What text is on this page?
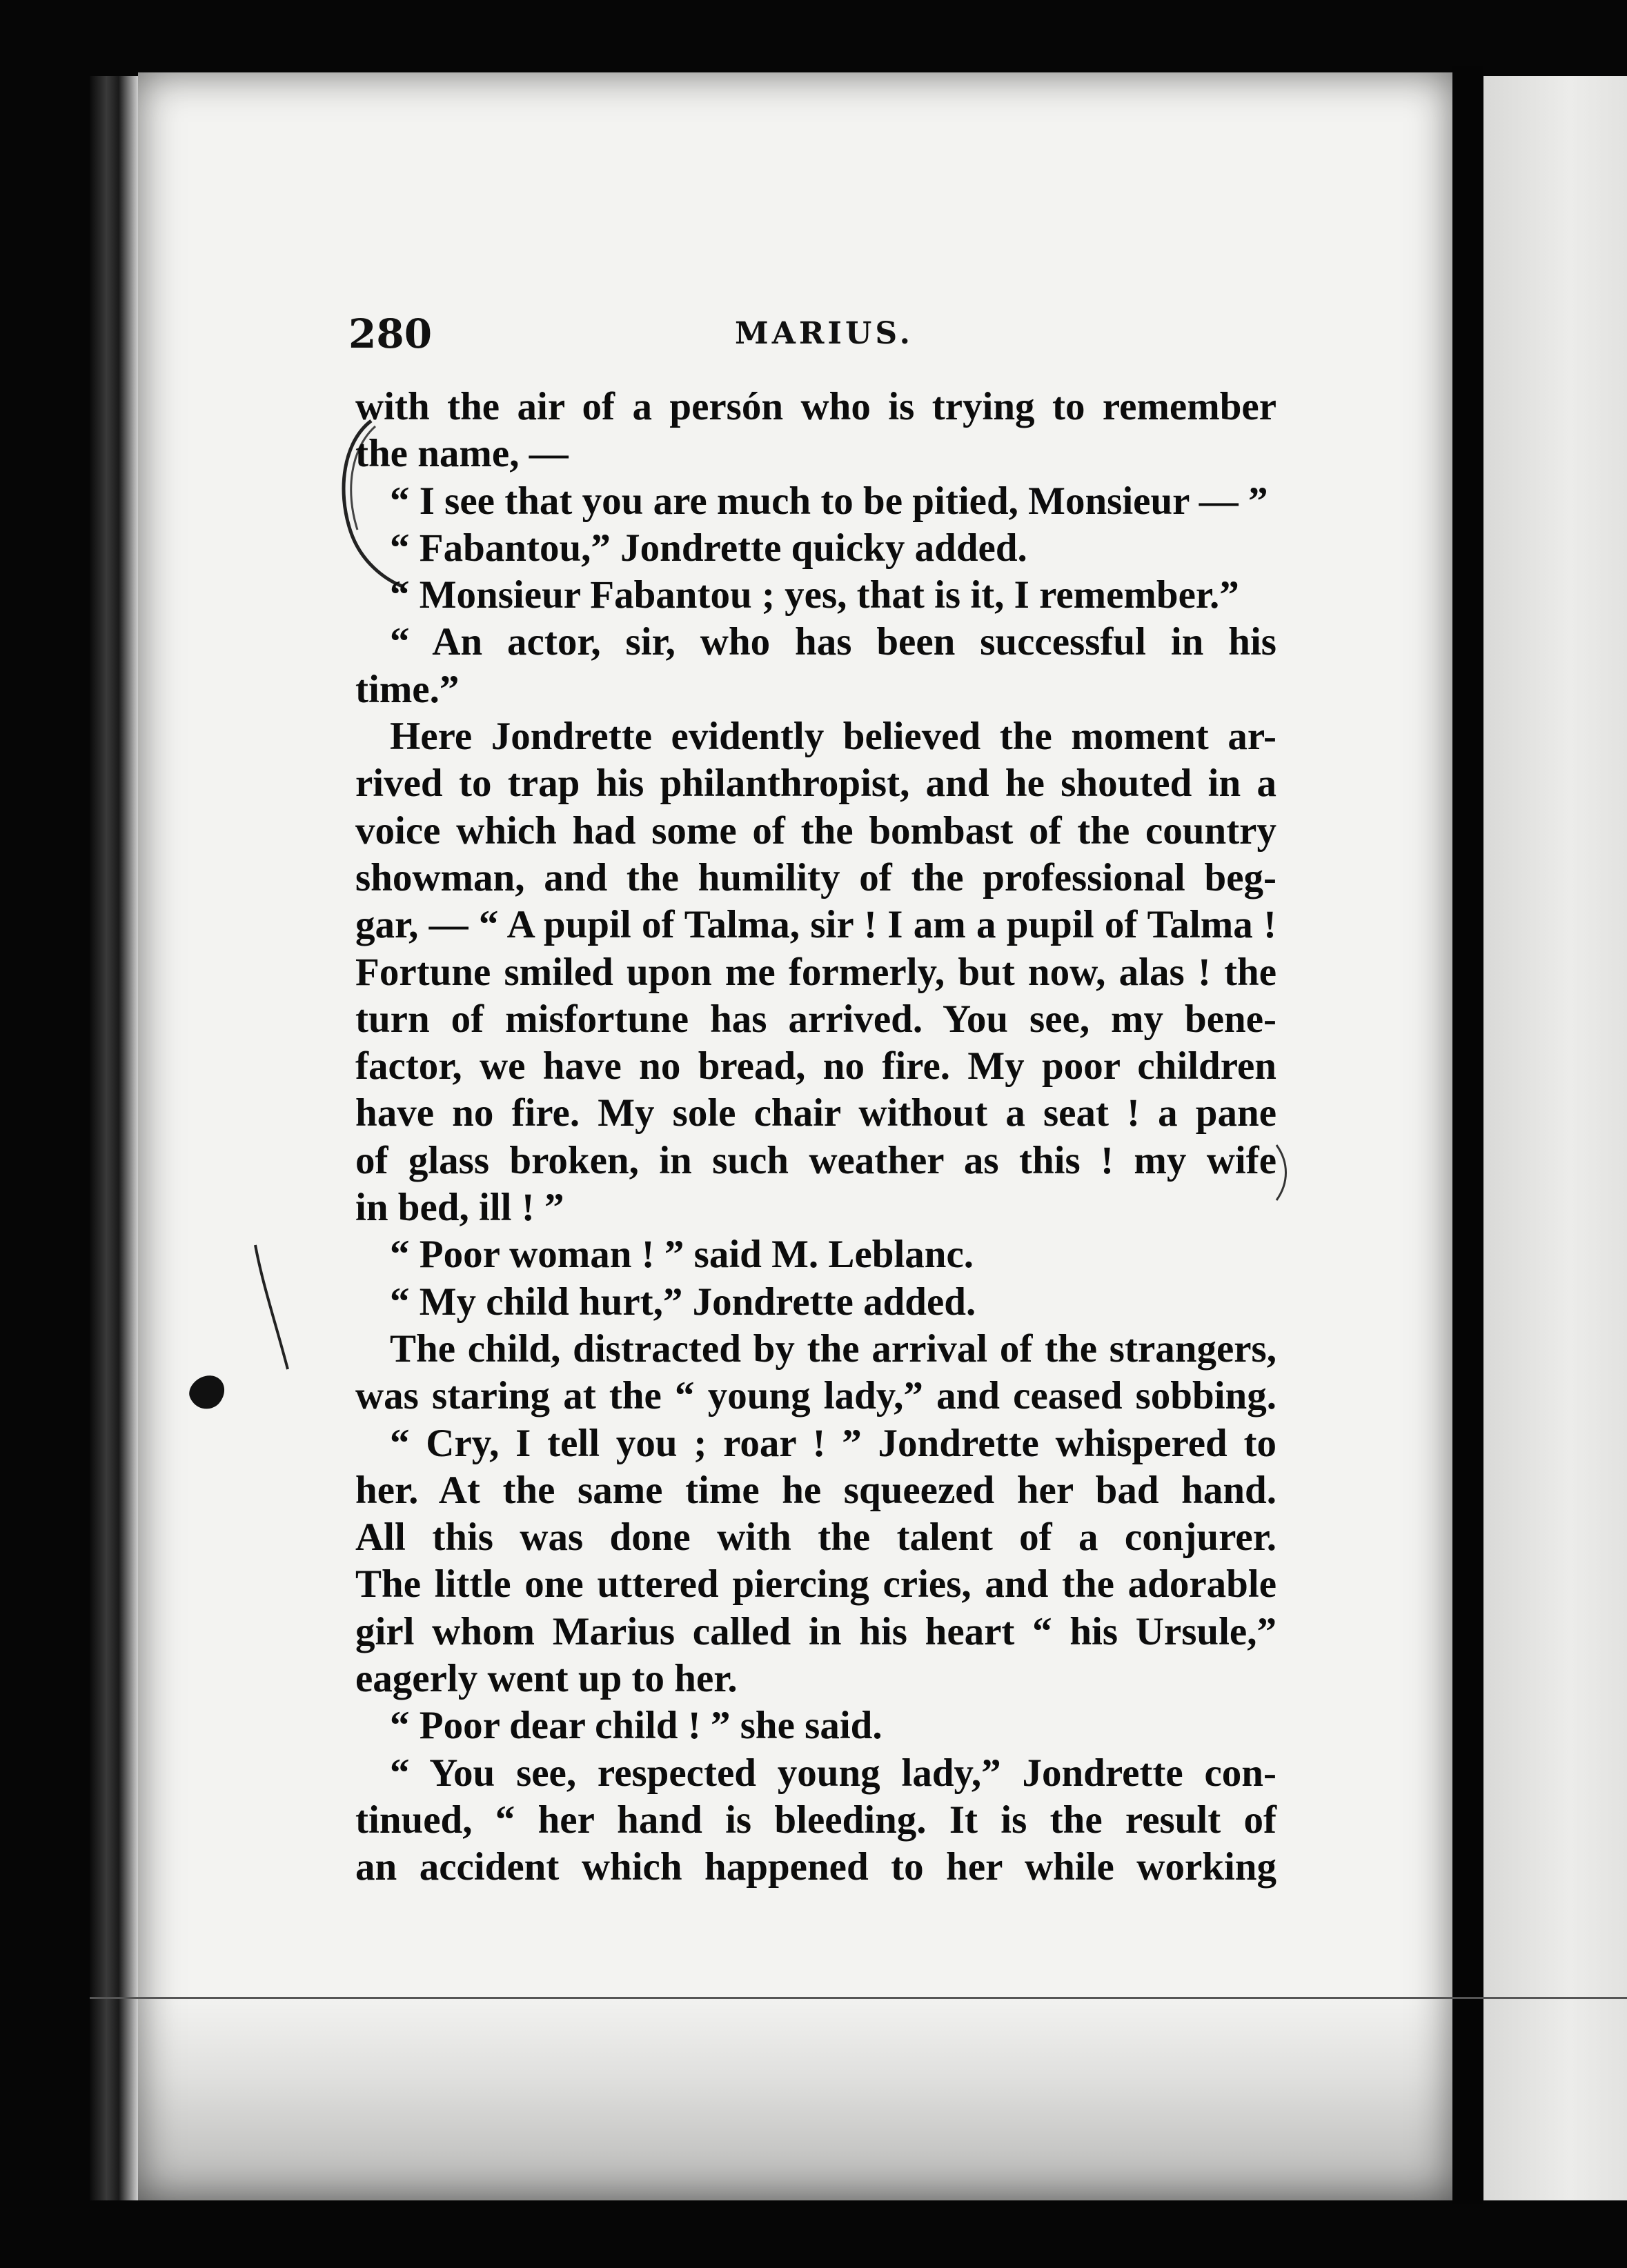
280	MARIUS.
with the air of a persón who is trying to remember
the name, —
“ I see that you are much to be pitied, Monsieur — ”
“ Fabantou,” Jondrette quicky added.
“ Monsieur Fabantou ; yes, that is it, I remember.”
“ An actor, sir, who has been successful in his
time.”
Here Jondrette evidently believed the moment ar-
rived to trap his philanthropist, and he shouted in a
voice which had some of the bombast of the country
showman, and the humility of the professional beg-
gar, — “ A pupil of Talma, sir ! I am a pupil of Talma !
Fortune smiled upon me formerly, but now, alas ! the
turn of misfortune has arrived. You see, my bene-
factor, we have no bread, no fire. My poor children
have no fire. My sole chair without a seat ! a pane
of glass broken, in such weather as this ! my wife
in bed, ill ! ”
“ Poor woman ! ” said M. Leblanc.
“ My child hurt,” Jondrette added.
The child, distracted by the arrival of the strangers,
was staring at the “ young lady,” and ceased sobbing.
“ Cry, I tell you ; roar ! ” Jondrette whispered to
her. At the same time he squeezed her bad hand.
All this was done with the talent of a conjurer.
The little one uttered piercing cries, and the adorable
girl whom Marius called in his heart “ his Ursule,”
eagerly went up to her.
“ Poor dear child ! ” she said.
“ You see, respected young lady,” Jondrette con-
tinued, “ her hand is bleeding. It is the result of
an accident which happened to her while working
